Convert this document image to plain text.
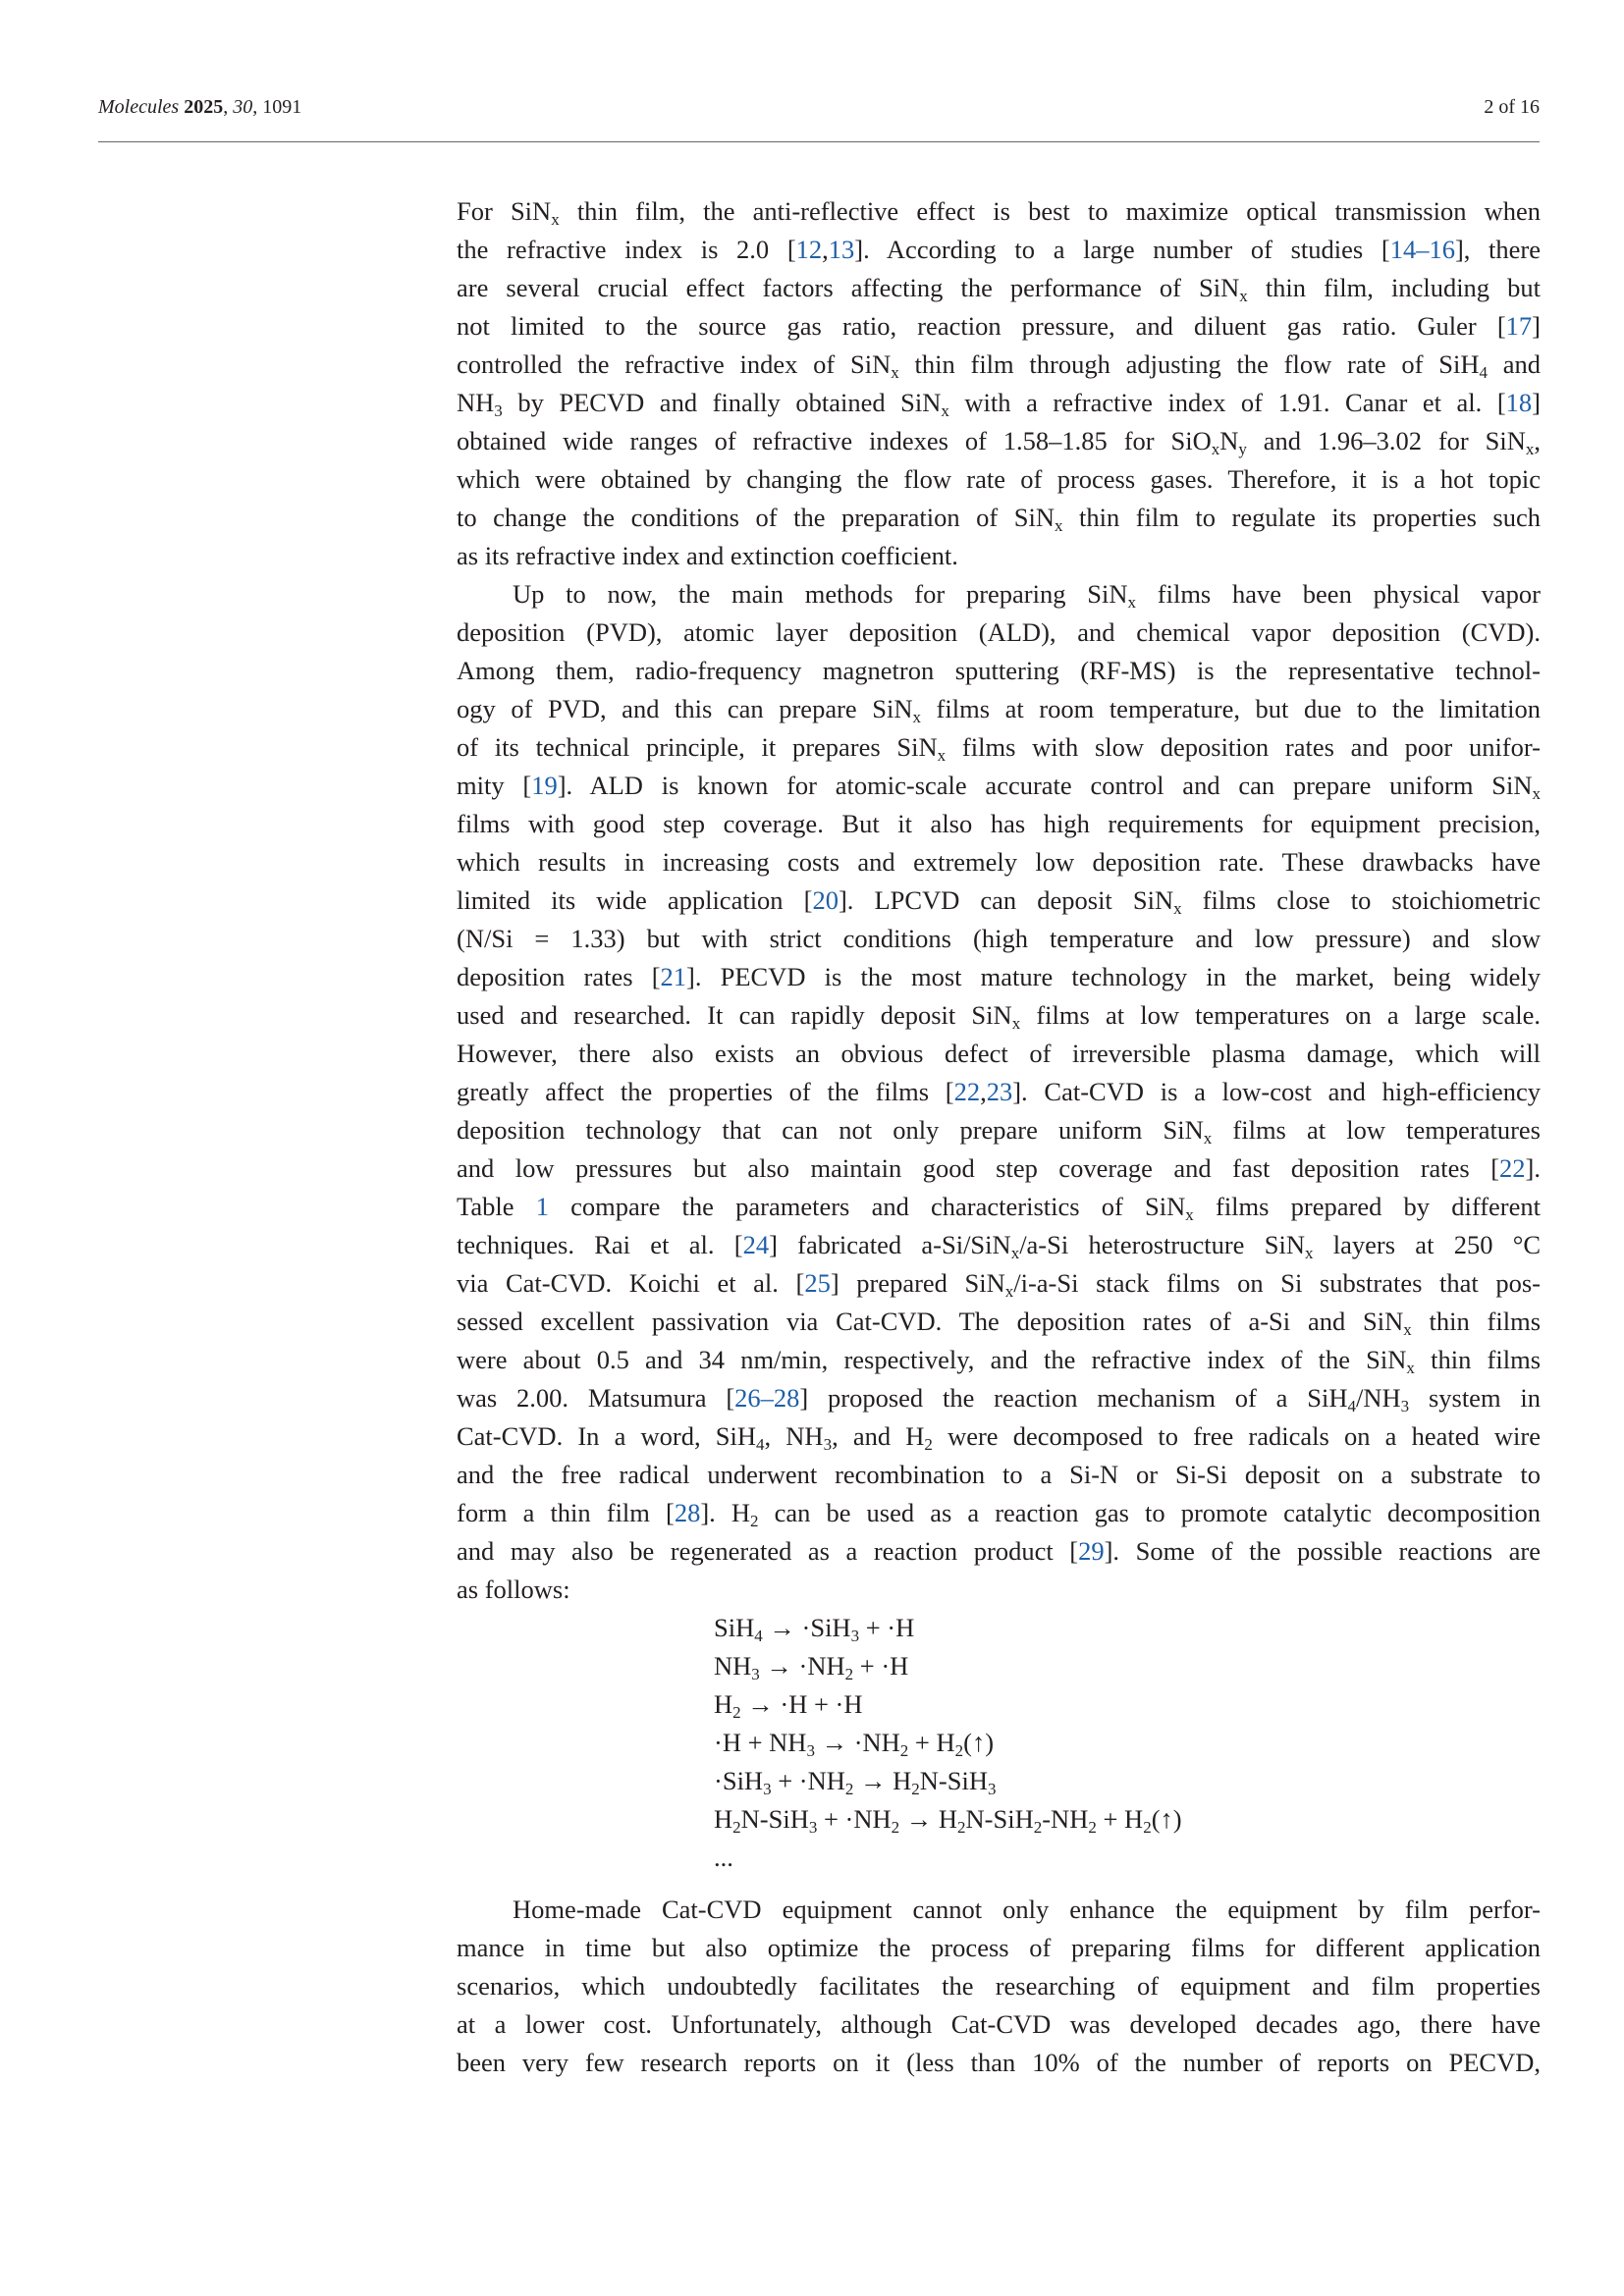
Molecules 2025, 30, 1091	2 of 16
For SiN$_x$ thin film, the anti-reflective effect is best to maximize optical transmission when
the refractive index is 2.0 [12,13]. According to a large number of studies [14–16], there
are several crucial effect factors affecting the performance of SiN$_x$ thin film, including but
not limited to the source gas ratio, reaction pressure, and diluent gas ratio. Guler [17]
controlled the refractive index of SiN$_x$ thin film through adjusting the flow rate of SiH$_4$ and
$NH_3$ by PECVD and finally obtained SiN$_x$ with a refractive index of 1.91. Canar et al. [18]
obtained wide ranges of refractive indexes of 1.58–1.85 for $SiO_xN_y$ and 1.96–3.02 for SiN$_x$,
which were obtained by changing the flow rate of process gases. Therefore, it is a hot topic
to change the conditions of the preparation of SiN$_x$ thin film to regulate its properties such
as its refractive index and extinction coefficient.
Up to now, the main methods for preparing SiN$_x$ films have been physical vapor
deposition (PVD), atomic layer deposition (ALD), and chemical vapor deposition (CVD).
Among them, radio-frequency magnetron sputtering (RF-MS) is the representative technol-
ogy of PVD, and this can prepare SiN$_x$ films at room temperature, but due to the limitation
of its technical principle, it prepares SiN$_x$ films with slow deposition rates and poor unifor-
mity [19]. ALD is known for atomic-scale accurate control and can prepare uniform SiN$_x$
films with good step coverage. But it also has high requirements for equipment precision,
which results in increasing costs and extremely low deposition rate. These drawbacks have
limited its wide application [20]. LPCVD can deposit SiN$_x$ films close to stoichiometric
(N/Si = 1.33) but with strict conditions (high temperature and low pressure) and slow
deposition rates [21]. PECVD is the most mature technology in the market, being widely
used and researched. It can rapidly deposit SiN$_x$ films at low temperatures on a large scale.
However, there also exists an obvious defect of irreversible plasma damage, which will
greatly affect the properties of the films [22,23]. Cat-CVD is a low-cost and high-efficiency
deposition technology that can not only prepare uniform SiN$_x$ films at low temperatures
and low pressures but also maintain good step coverage and fast deposition rates [22].
Table 1 compare the parameters and characteristics of SiN$_x$ films prepared by different
techniques. Rai et al. [24] fabricated a-Si/SiN$_x$/a-Si heterostructure SiN$_x$ layers at 250 °C
via Cat-CVD. Koichi et al. [25] prepared SiN$_x$/i-a-Si stack films on Si substrates that pos-
sessed excellent passivation via Cat-CVD. The deposition rates of a-Si and SiN$_x$ thin films
were about 0.5 and 34 nm/min, respectively, and the refractive index of the SiN$_x$ thin films
was 2.00. Matsumura [26–28] proposed the reaction mechanism of a $SiH_4/NH_3$ system in
Cat-CVD. In a word, SiH$_4$, $NH_3$, and $H_2$ were decomposed to free radicals on a heated wire
and the free radical underwent recombination to a Si-N or Si-Si deposit on a substrate to
form a thin film [28]. $H_2$ can be used as a reaction gas to promote catalytic decomposition
and may also be regenerated as a reaction product [29]. Some of the possible reactions are
as follows:
SiH$_4$ → ·SiH$_3$ + ·H
$NH_3 \to \cdot NH_2 + \cdot H$
$H_2 \to \cdot H + \cdot H$
$\cdot H + NH_3 \to \cdot NH_2$ + $H_2(↑)$
$\cdot SiH_3 + \cdot NH_2 \to H_2N-SiH_3$
$H_2N-SiH_3 + \cdot NH_2 \to H_2N-SiH_2-NH_2$ + $H_2(↑)$
...
Home-made Cat-CVD equipment cannot only enhance the equipment by film perfor-
mance in time but also optimize the process of preparing films for different application
scenarios, which undoubtedly facilitates the researching of equipment and film properties
at a lower cost. Unfortunately, although Cat-CVD was developed decades ago, there have
been very few research reports on it (less than 10% of the number of reports on PECVD,
